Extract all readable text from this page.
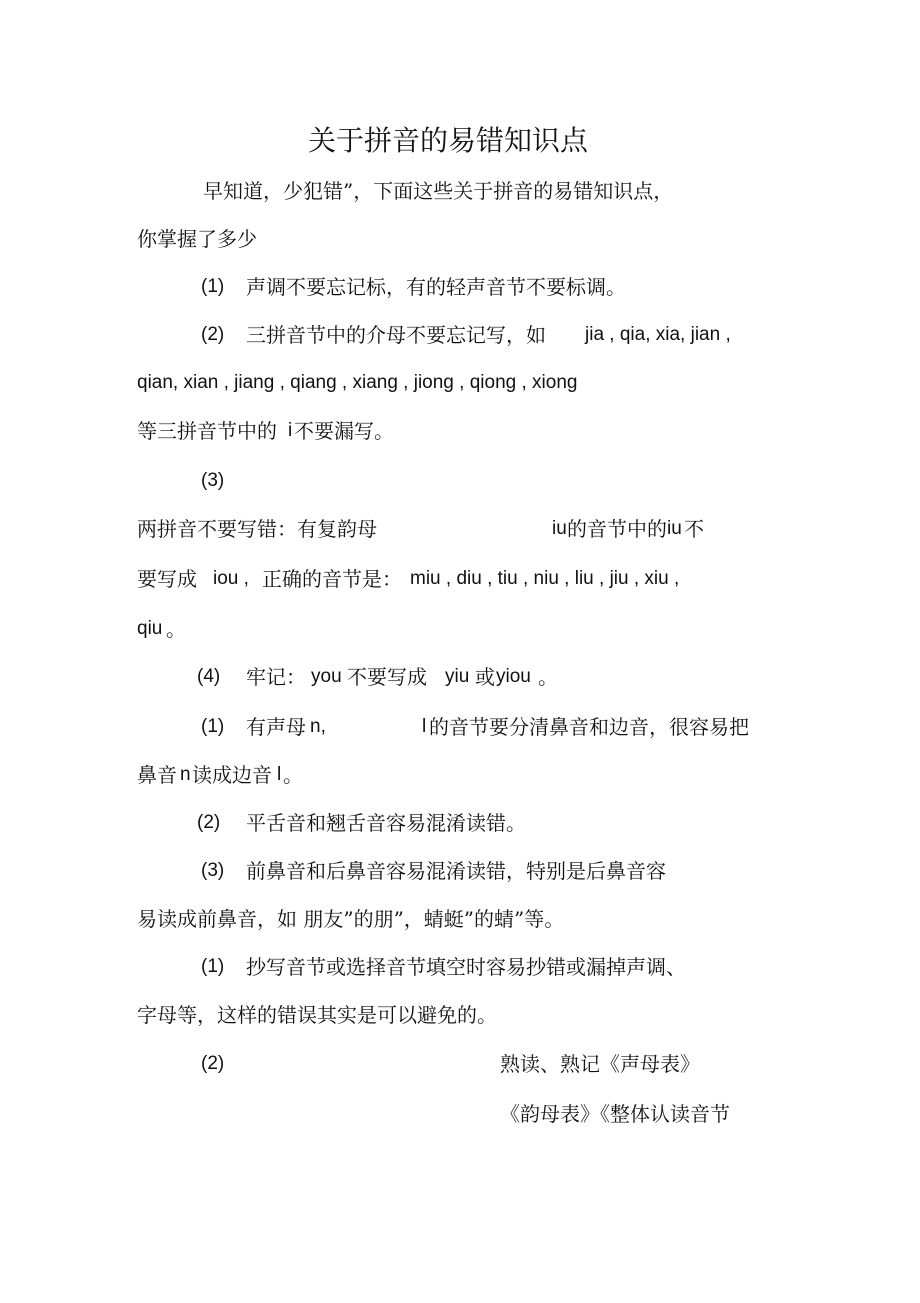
关于拼音的易错知识点
早知道，少犯错”，下面这些关于拼音的易错知识点，
你掌握了多少
(1) 声调不要忘记标，有的轻声音节不要标调。
(2) 三拼音节中的介母不要忘记写，如 jia , qia, xia, jian ,
qian, xian , jiang , qiang , xiang , jiong , qiong , xiong
等三拼音节中的 i 不要漏写。
(3)
两拼音不要写错：有复韵母	iu 的音节中的 iu 不
要写成 iou , 正确的音节是： miu , diu , tiu , niu , liu , jiu , xiu ,
qiu 。
(4) 牢记： you 不要写成 yiu 或 yiou 。
(1) 有声母 n,	l 的音节要分清鼻音和边音，很容易把
鼻音 n 读成边音 l 。
(2) 平舌音和翘舌音容易混淆读错。
(3) 前鼻音和后鼻音容易混淆读错，特别是后鼻音容
易读成前鼻音，如 朋友”的朋”，蜻蜓”的蜻”等。
(1) 抄写音节或选择音节填空时容易抄错或漏掉声调、
字母等，这样的错误其实是可以避免的。
(2)	熟读、熟记《声母表》
《韵母表》《整体认读音节
